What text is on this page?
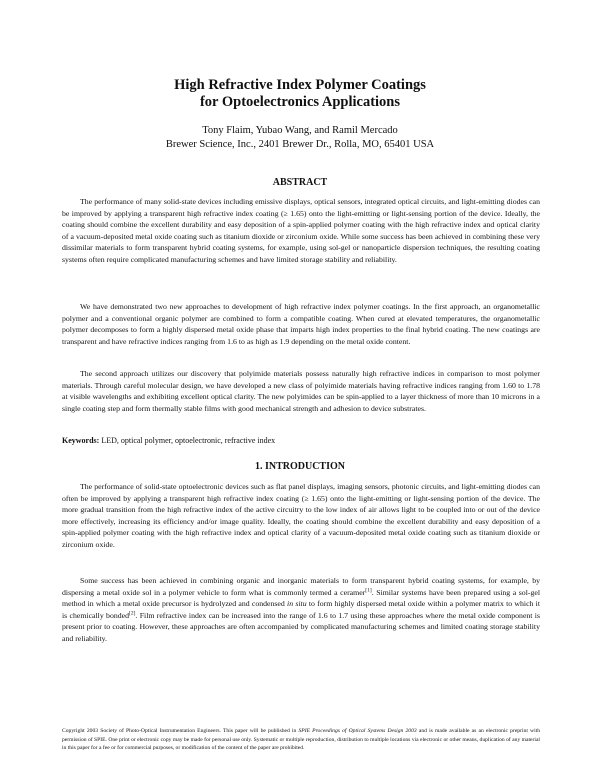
High Refractive Index Polymer Coatings
for Optoelectronics Applications
Tony Flaim, Yubao Wang, and Ramil Mercado
Brewer Science, Inc., 2401 Brewer Dr., Rolla, MO, 65401 USA
ABSTRACT

The performance of many solid-state devices including emissive displays, optical sensors, integrated optical circuits, and light-emitting diodes can be improved by applying a transparent high refractive index coating (≥ 1.65) onto the light-emitting or light-sensing portion of the device. Ideally, the coating should combine the excellent durability and easy deposition of a spin-applied polymer coating with the high refractive index and optical clarity of a vacuum-deposited metal oxide coating such as titanium dioxide or zirconium oxide. While some success has been achieved in combining these very dissimilar materials to form transparent hybrid coating systems, for example, using sol-gel or nanoparticle dispersion techniques, the resulting coating systems often require complicated manufacturing schemes and have limited storage stability and reliability.

We have demonstrated two new approaches to development of high refractive index polymer coatings. In the first approach, an organometallic polymer and a conventional organic polymer are combined to form a compatible coating. When cured at elevated temperatures, the organometallic polymer decomposes to form a highly dispersed metal oxide phase that imparts high index properties to the final hybrid coating. The new coatings are transparent and have refractive indices ranging from 1.6 to as high as 1.9 depending on the metal oxide content.

The second approach utilizes our discovery that polyimide materials possess naturally high refractive indices in comparison to most polymer materials. Through careful molecular design, we have developed a new class of polyimide materials having refractive indices ranging from 1.60 to 1.78 at visible wavelengths and exhibiting excellent optical clarity. The new polyimides can be spin-applied to a layer thickness of more than 10 microns in a single coating step and form thermally stable films with good mechanical strength and adhesion to device substrates.

Keywords: LED, optical polymer, optoelectronic, refractive index
1. INTRODUCTION

The performance of solid-state optoelectronic devices such as flat panel displays, imaging sensors, photonic circuits, and light-emitting diodes can often be improved by applying a transparent high refractive index coating (≥ 1.65) onto the light-emitting or light-sensing portion of the device. The more gradual transition from the high refractive index of the active circuitry to the low index of air allows light to be coupled into or out of the device more effectively, increasing its efficiency and/or image quality. Ideally, the coating should combine the excellent durability and easy deposition of a spin-applied polymer coating with the high refractive index and optical clarity of a vacuum-deposited metal oxide coating such as titanium dioxide or zirconium oxide.

Some success has been achieved in combining organic and inorganic materials to form transparent hybrid coating systems, for example, by dispersing a metal oxide sol in a polymer vehicle to form what is commonly termed a ceramer[1]. Similar systems have been prepared using a sol-gel method in which a metal oxide precursor is hydrolyzed and condensed in situ to form highly dispersed metal oxide within a polymer matrix to which it is chemically bonded[2]. Film refractive index can be increased into the range of 1.6 to 1.7 using these approaches where the metal oxide component is present prior to coating. However, these approaches are often accompanied by complicated manufacturing schemes and limited coating storage stability and reliability.

Copyright 2003 Society of Photo-Optical Instrumentation Engineers. This paper will be published in SPIE Proceedings of Optical Systems Design 2003 and is made available as an electronic preprint with permission of SPIE. One print or electronic copy may be made for personal use only. Systematic or multiple reproduction, distribution to multiple locations via electronic or other means, duplication of any material in this paper for a fee or for commercial purposes, or modification of the content of the paper are prohibited.
